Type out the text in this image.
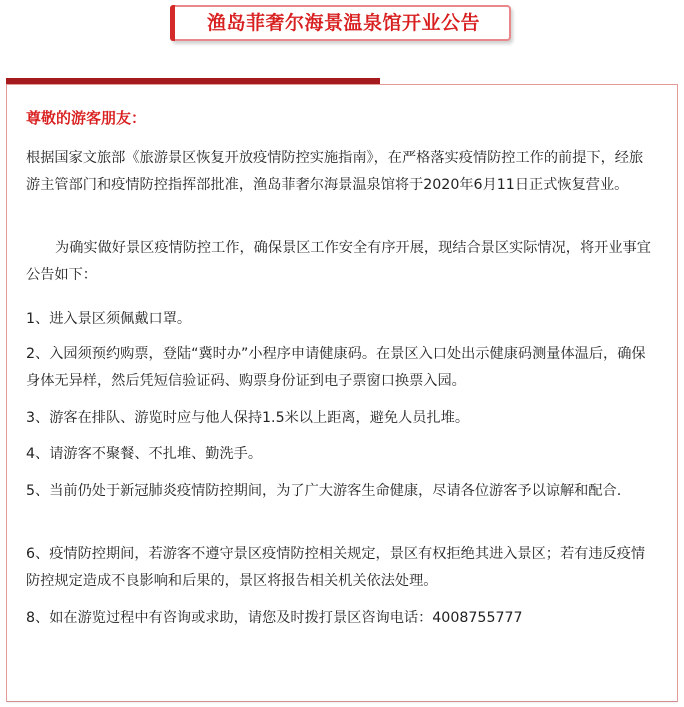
渔岛菲奢尔海景温泉馆开业公告
尊敬的游客朋友：

根据国家文旅部《旅游景区恢复开放疫情防控实施指南》，在严格落实疫情防控工作的前提下，经旅游主管部门和疫情防控指挥部批准，渔岛菲奢尔海景温泉馆将于2020年6月11日正式恢复营业。

为确实做好景区疫情防控工作，确保景区工作安全有序开展，现结合景区实际情况，将开业事宜公告如下：

1、进入景区须佩戴口罩。

2、入园须预约购票，登陆“冀时办”小程序申请健康码。在景区入口处出示健康码测量体温后，确保身体无异样，然后凭短信验证码、购票身份证到电子票窗口换票入园。

3、游客在排队、游览时应与他人保持1.5米以上距离，避免人员扎堆。

4、请游客不聚餐、不扎堆、勤洗手。

5、当前仍处于新冠肺炎疫情防控期间，为了广大游客生命健康，尽请各位游客予以谅解和配合.

6、疫情防控期间，若游客不遵守景区疫情防控相关规定，景区有权拒绝其进入景区；若有违反疫情防控规定造成不良影响和后果的，景区将报告相关机关依法处理。

8、如在游览过程中有咨询或求助，请您及时拨打景区咨询电话：4008755777
